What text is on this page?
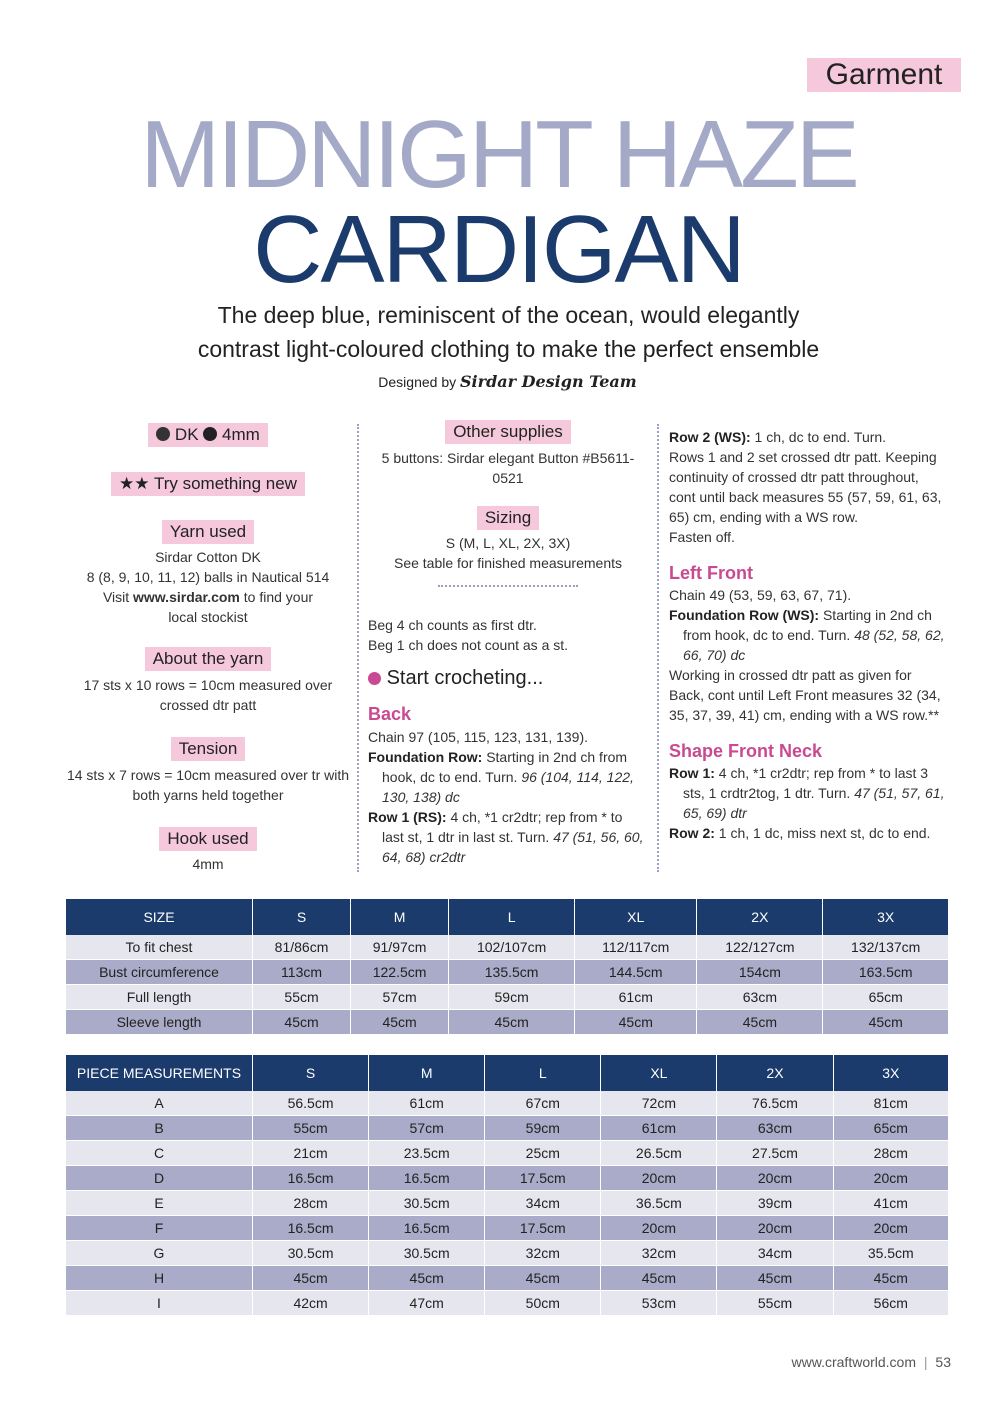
Garment
MIDNIGHT HAZE
CARDIGAN
The deep blue, reminiscent of the ocean, would elegantly
contrast light-coloured clothing to make the perfect ensemble
Designed by Sirdar Design Team
DK 4mm
★★ Try something new
Yarn used
Sirdar Cotton DK
8 (8, 9, 10, 11, 12) balls in Nautical 514
Visit www.sirdar.com to find your
local stockist
About the yarn
17 sts x 10 rows = 10cm measured over
crossed dtr patt
Tension
14 sts x 7 rows = 10cm measured over tr with
both yarns held together
Hook used
4mm
Other supplies
5 buttons: Sirdar elegant Button #B5611-0521
Sizing
S (M, L, XL, 2X, 3X)
See table for finished measurements
Beg 4 ch counts as first dtr.
Beg 1 ch does not count as a st.
Start crocheting...
Back
Chain 97 (105, 115, 123, 131, 139).
Foundation Row: Starting in 2nd ch from hook, dc to end. Turn. 96 (104, 114, 122, 130, 138) dc
Row 1 (RS): 4 ch, *1 cr2dtr; rep from * to last st, 1 dtr in last st. Turn. 47 (51, 56, 60, 64, 68) cr2dtr
Row 2 (WS): 1 ch, dc to end. Turn.
Rows 1 and 2 set crossed dtr patt. Keeping continuity of crossed dtr patt throughout, cont until back measures 55 (57, 59, 61, 63, 65) cm, ending with a WS row.
Fasten off.
Left Front
Chain 49 (53, 59, 63, 67, 71).
Foundation Row (WS): Starting in 2nd ch from hook, dc to end. Turn. 48 (52, 58, 62, 66, 70) dc
Working in crossed dtr patt as given for Back, cont until Left Front measures 32 (34, 35, 37, 39, 41) cm, ending with a WS row.**
Shape Front Neck
Row 1: 4 ch, *1 cr2dtr; rep from * to last 3 sts, 1 crdtr2tog, 1 dtr. Turn. 47 (51, 57, 61, 65, 69) dtr
Row 2: 1 ch, 1 dc, miss next st, dc to end.
SIZE	S	M	L	XL	2X	3X
To fit chest	81/86cm	91/97cm	102/107cm	112/117cm	122/127cm	132/137cm
Bust circumference	113cm	122.5cm	135.5cm	144.5cm	154cm	163.5cm
Full length	55cm	57cm	59cm	61cm	63cm	65cm
Sleeve length	45cm	45cm	45cm	45cm	45cm	45cm
PIECE MEASUREMENTS	S	M	L	XL	2X	3X
A	56.5cm	61cm	67cm	72cm	76.5cm	81cm
B	55cm	57cm	59cm	61cm	63cm	65cm
C	21cm	23.5cm	25cm	26.5cm	27.5cm	28cm
D	16.5cm	16.5cm	17.5cm	20cm	20cm	20cm
E	28cm	30.5cm	34cm	36.5cm	39cm	41cm
F	16.5cm	16.5cm	17.5cm	20cm	20cm	20cm
G	30.5cm	30.5cm	32cm	32cm	34cm	35.5cm
H	45cm	45cm	45cm	45cm	45cm	45cm
I	42cm	47cm	50cm	53cm	55cm	56cm
www.craftworld.com | 53
